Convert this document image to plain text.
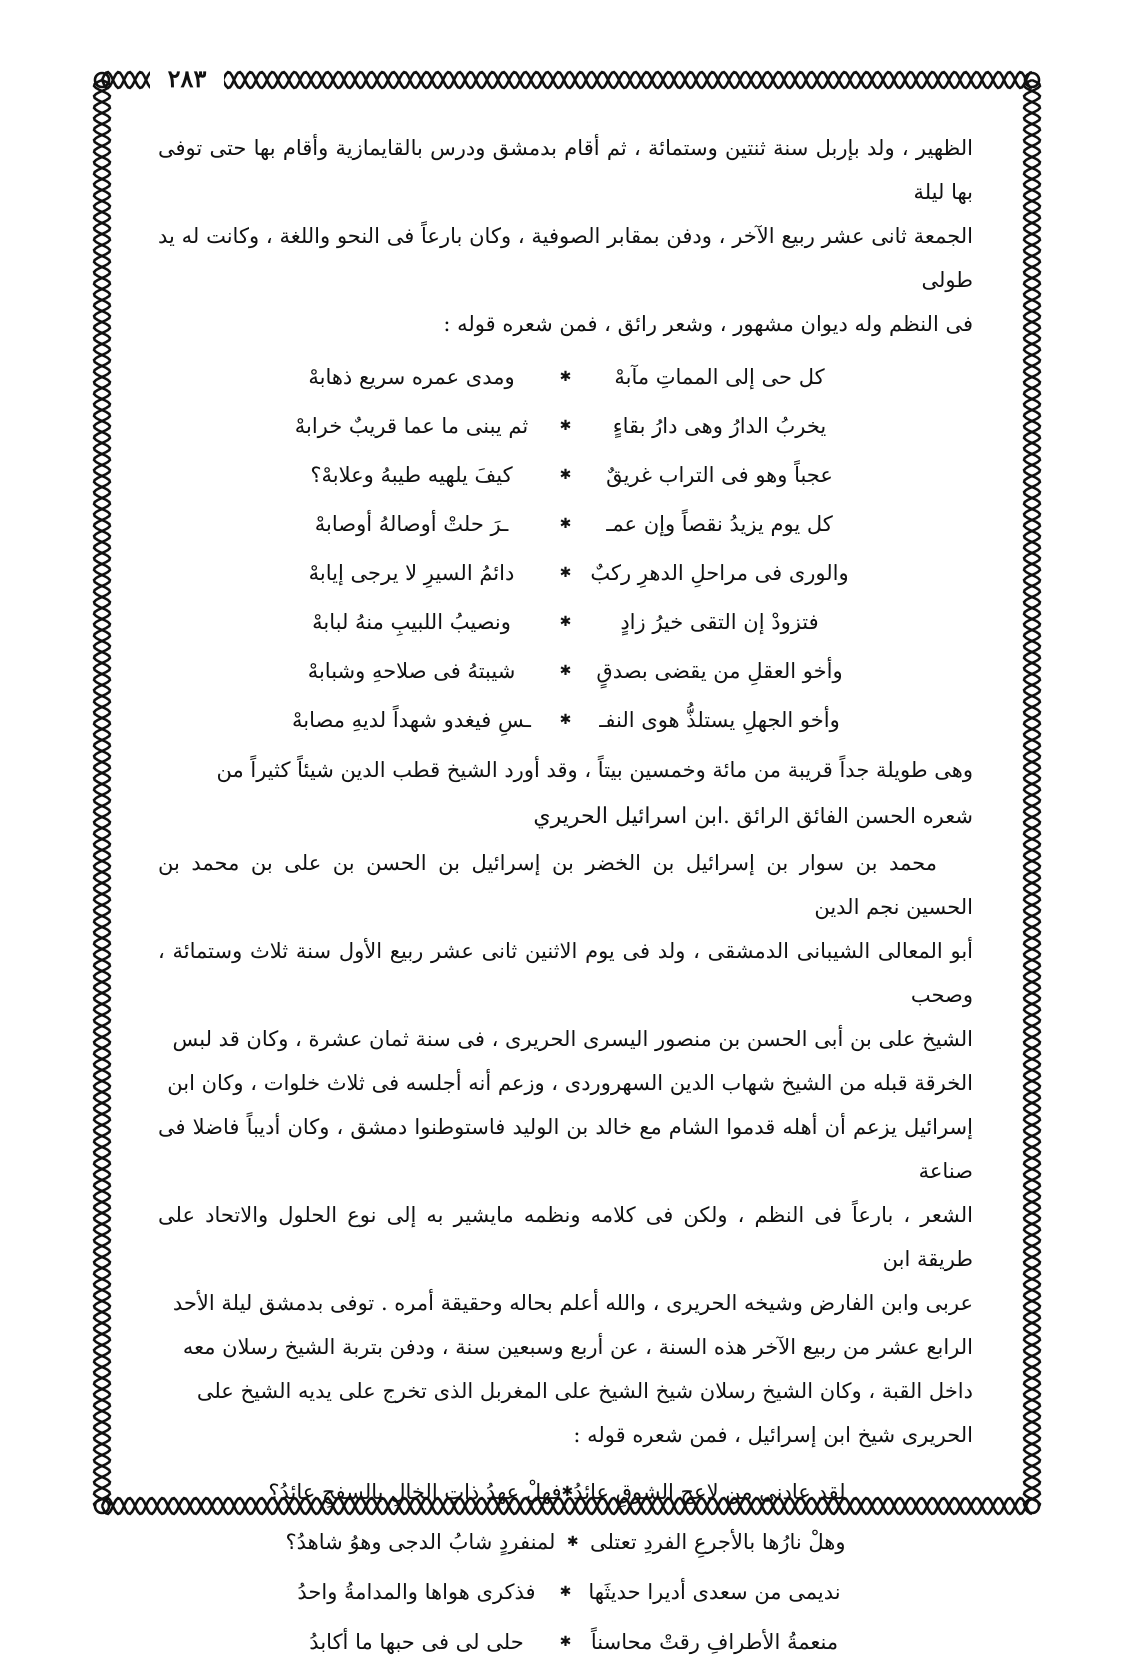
٢٨٣

الظهير ، ولد بإربل سنة ثنتين وستمائة ، ثم أقام بدمشق ودرس بالقايمازية وأقام بها حتى توفى بها ليلة

الجمعة ثانى عشر ربيع الآخر ، ودفن بمقابر الصوفية ، وكان بارعاً فى النحو واللغة ، وكانت له يد طولى

فى النظم وله ديوان مشهور ، وشعر رائق ، فمن شعره قوله :

كل حى إلى المماتِ مآبهْ
✱
ومدى عمره سريع ذهابهْ
يخربُ الدارُ وهى دارُ بقاءٍ
✱
ثم يبنى ما عما قريبٌ خرابهْ
عجباً وهو فى التراب غريقٌ
✱
كيفَ يلهيه طيبهُ وعلابهْ؟
كل يوم يزيدُ نقصاً وإن عمـ
✱
ـرَ حلتْ أوصالهُ أوصابهْ
والورى فى مراحلِ الدهرِ ركبٌ
✱
دائمُ السيرِ لا يرجى إيابهْ
فتزودْ إن التقى خيرُ زادٍ
✱
ونصيبُ اللبيبِ منهُ لبابهْ
وأخو العقلِ من يقضى بصدقٍ
✱
شيبتهُ فى صلاحهِ وشبابهْ
وأخو الجهلِ يستلذُّ هوى النفـ
✱
ـسِ فيغدو شهداً لديهِ مصابهْ

وهى طويلة جداً قريبة من مائة وخمسين بيتاً ، وقد أورد الشيخ قطب الدين شيئاً كثيراً من

شعره الحسن الفائق الرائق .
ابن اسرائيل الحريري

محمد بن سوار بن إسرائيل بن الخضر بن إسرائيل بن الحسن بن على بن محمد بن الحسين نجم الدين

أبو المعالى الشيبانى الدمشقى ، ولد فى يوم الاثنين ثانى عشر ربيع الأول سنة ثلاث وستمائة ، وصحب

الشيخ على بن أبى الحسن بن منصور اليسرى الحريرى ، فى سنة ثمان عشرة ، وكان قد لبس

الخرقة قبله من الشيخ شهاب الدين السهروردى ، وزعم أنه أجلسه فى ثلاث خلوات ، وكان ابن

إسرائيل يزعم أن أهله قدموا الشام مع خالد بن الوليد فاستوطنوا دمشق ، وكان أديباً فاضلا فى صناعة

الشعر ، بارعاً فى النظم ، ولكن فى كلامه ونظمه مايشير به إلى نوع الحلول والاتحاد على طريقة ابن

عربى وابن الفارض وشيخه الحريرى ، والله أعلم بحاله وحقيقة أمره . توفى بدمشق ليلة الأحد

الرابع عشر من ربيع الآخر هذه السنة ، عن أربع وسبعين سنة ، ودفن بتربة الشيخ رسلان معه

داخل القبة ، وكان الشيخ رسلان شيخ الشيخ على المغربل الذى تخرج على يديه الشيخ على

الحريرى شيخ ابن إسرائيل ، فمن شعره قوله :

لقد عادنى من لاعج الشوقِ عائدُ
✱
فهلْ عهدُ ذاتِ الخالِ بالسفحِ عائدُ؟
وهلْ نارُها بالأجرعِ الفردِ تعتلى
✱
لمنفردٍ شابُ الدجى وهوُ شاهدُ؟
نديمى من سعدى أديرا حديثَها
✱
فذكرى هواها والمدامةُ واحدُ
منعمةُ الأطرافِ رقتْ محاسناً
✱
حلى لى فى حبها ما أكابدُ
